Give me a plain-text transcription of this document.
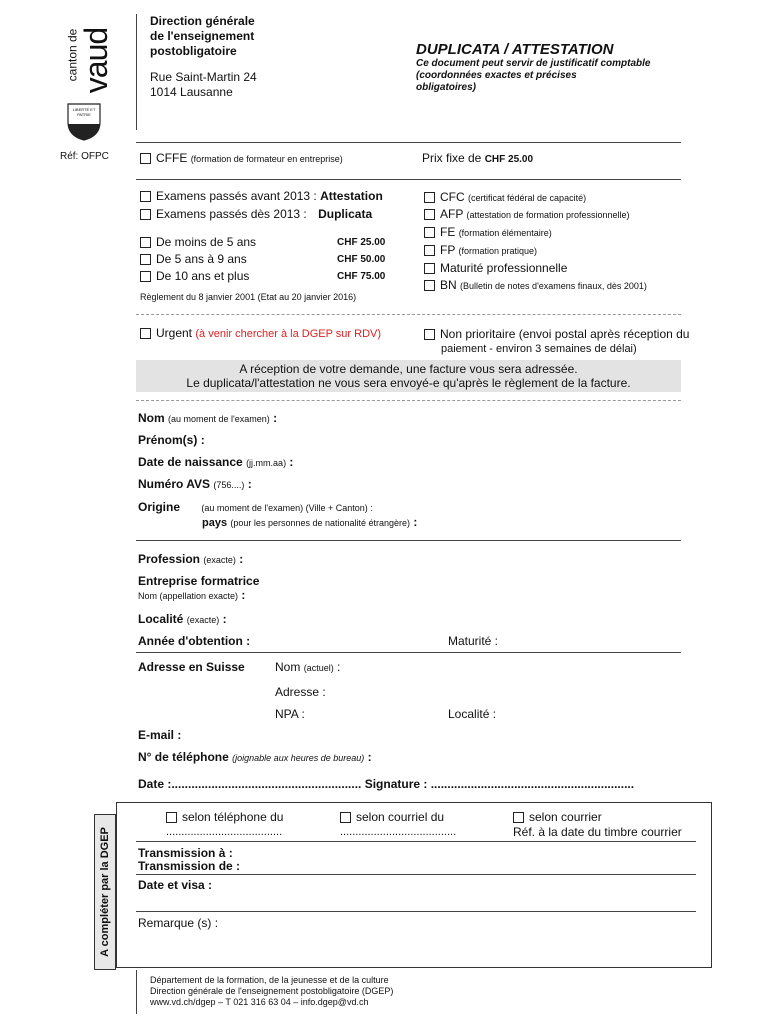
canton de
vaud
LIBERTÉ ET PATRIE
Direction générale
de l'enseignement
postobligatoire
Rue Saint-Martin 24
1014 Lausanne
DUPLICATA / ATTESTATION
Ce document peut servir de justificatif comptable
(coordonnées exactes et précises
obligatoires)
Réf: OFPC	CFFE (formation de formateur en entreprise)	Prix fixe de CHF 25.00
Examens passés avant 2013 : Attestation
Examens passés dès 2013 : Duplicata
De moins de 5 ans	CHF 25.00
De 5 ans à 9 ans	CHF 50.00
De 10 ans et plus	CHF 75.00
Règlement du 8 janvier 2001 (Etat au 20 janvier 2016)
CFC (certificat fédéral de capacité)
AFP (attestation de formation professionnelle)
FE (formation élémentaire)
FP (formation pratique)
Maturité professionnelle
BN (Bulletin de notes d'examens finaux, dès 2001)
Urgent (à venir chercher à la DGEP sur RDV)	Non prioritaire (envoi postal après réception du
paiement - environ 3 semaines de délai)
A réception de votre demande, une facture vous sera adressée.
Le duplicata/l'attestation ne vous sera envoyé-e qu'après le règlement de la facture.
Nom (au moment de l'examen) :
Prénom(s) :
Date de naissance (jj.mm.aa) :
Numéro AVS (756....) :
Origine (au moment de l'examen) (Ville + Canton) :
pays (pour les personnes de nationalité étrangère) :
Profession (exacte) :
Entreprise formatrice
Nom (appellation exacte) :
Localité (exacte) :
Année d'obtention :	Maturité :
Adresse en Suisse	Nom (actuel) :
Adresse :
NPA :	Localité :
E-mail :
N° de téléphone (joignable aux heures de bureau) :
Date :......................................................... Signature : .............................................................
A compléter par la DGEP
selon téléphone du
......................................
selon courriel du
......................................
selon courrier
Réf. à la date du timbre courrier
Transmission à :
Transmission de :
Date et visa :
Remarque (s) :
Département de la formation, de la jeunesse et de la culture
Direction générale de l'enseignement postobligatoire (DGEP)
www.vd.ch/dgep – T 021 316 63 04 – info.dgep@vd.ch
